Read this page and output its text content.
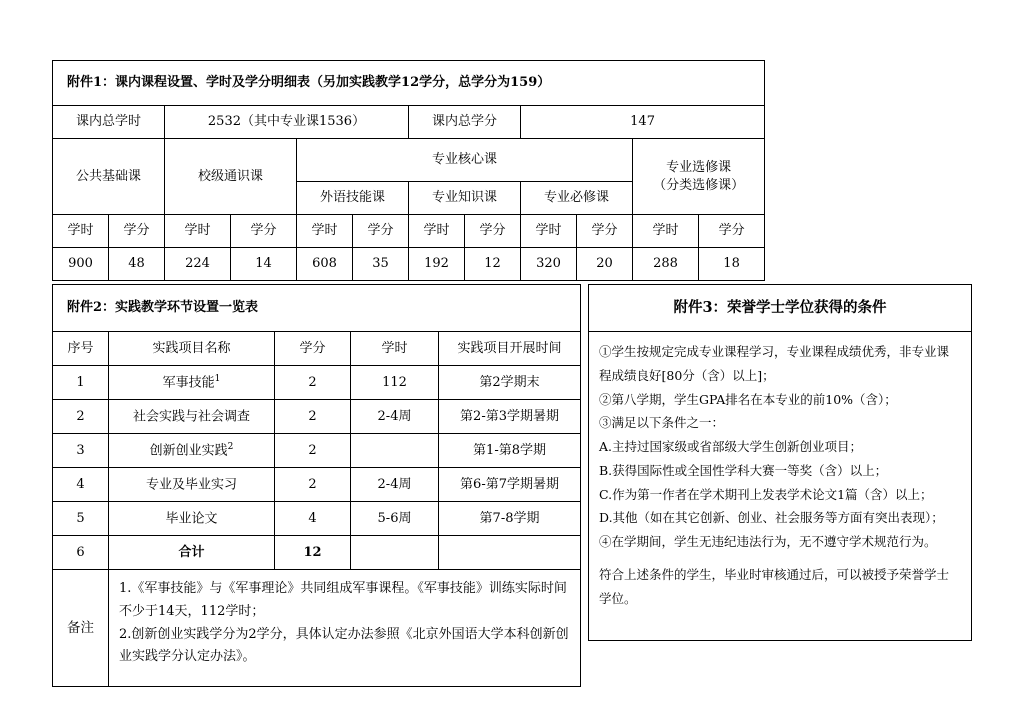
附件1：课内课程设置、学时及学分明细表（另加实践教学12学分，总学分为159）											
课内总学时		2532（其中专业课1536）				课内总学分		147			
公共基础课		校级通识课		专业核心课						专业选修课
（分类选修课）	

				外语技能课		专业知识课		专业必修课			
学时	学分	学时	学分	学时	学分	学时	学分	学时	学分	学时	学分
900	48	224	14	608	35	192	12	320	20	288	18
附件2：实践教学环节设置一览表				
序号	实践项目名称	学分	学时	实践项目开展时间
1	军事技能$^1$	2	112	第2学期末
2	社会实践与社会调查	2	2-4周	第2-第3学期暑期
3	创新创业实践$^2$	2		第1-第8学期
4	专业及毕业实习	2	2-4周	第6-第7学期暑期
5	毕业论文	4	5-6周	第7-8学期
6	合计	12		
备注	1.《军事技能》与《军事理论》共同组成军事课程。《军事技能》训练实际时间不少于14天，112学时；
2.创新创业实践学分为2学分，具体认定办法参照《北京外国语大学本科创新创业实践学分认定办法》。			
附件3：荣誉学士学位获得的条件

①学生按规定完成专业课程学习，专业课程成绩优秀，非专业课程成绩良好[80分（含）以上]；

②第八学期，学生GPA排名在本专业的前10%（含）；

③满足以下条件之一：

A.主持过国家级或省部级大学生创新创业项目；

B.获得国际性或全国性学科大赛一等奖（含）以上；

C.作为第一作者在学术期刊上发表学术论文1篇（含）以上；

D.其他（如在其它创新、创业、社会服务等方面有突出表现）；

④在学期间，学生无违纪违法行为，无不遵守学术规范行为。

符合上述条件的学生，毕业时审核通过后，可以被授予荣誉学士学位。
